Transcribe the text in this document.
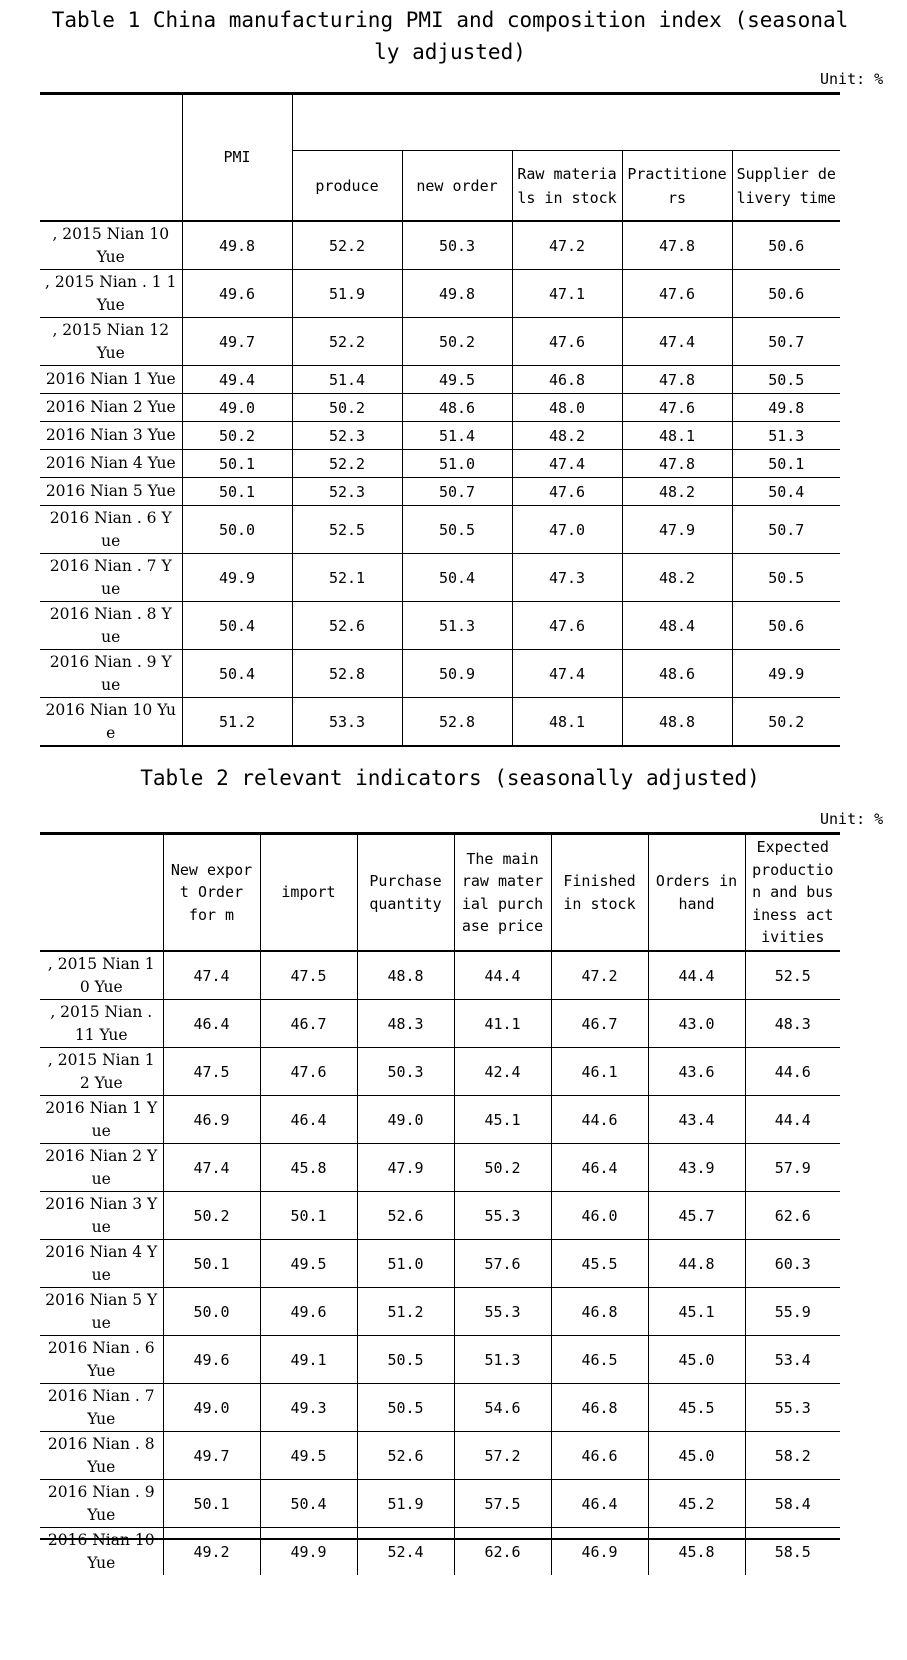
Table 1 China manufacturing PMI and composition index (seasonal
ly adjusted)
Unit: %
	PMI					
		produce	new order	Raw materia ls in stock	Practitione rs	Supplier de livery time
, 2015 Nian 10 Yue	49.8	52.2	50.3	47.2	47.8	50.6
, 2015 Nian . 1 1 Yue	49.6	51.9	49.8	47.1	47.6	50.6
, 2015 Nian 12 Yue	49.7	52.2	50.2	47.6	47.4	50.7
2016 Nian 1 Yue	49.4	51.4	49.5	46.8	47.8	50.5
2016 Nian 2 Yue	49.0	50.2	48.6	48.0	47.6	49.8
2016 Nian 3 Yue	50.2	52.3	51.4	48.2	48.1	51.3
2016 Nian 4 Yue	50.1	52.2	51.0	47.4	47.8	50.1
2016 Nian 5 Yue	50.1	52.3	50.7	47.6	48.2	50.4
2016 Nian . 6 Y ue	50.0	52.5	50.5	47.0	47.9	50.7
2016 Nian . 7 Y ue	49.9	52.1	50.4	47.3	48.2	50.5
2016 Nian . 8 Y ue	50.4	52.6	51.3	47.6	48.4	50.6
2016 Nian . 9 Y ue	50.4	52.8	50.9	47.4	48.6	49.9
2016 Nian 10 Yu e	51.2	53.3	52.8	48.1	48.8	50.2
Table 2 relevant indicators (seasonally adjusted)
Unit: %
	New expor t Order for m	import	Purchase quantity	The main raw mater ial purch ase price	Finished in stock	Orders in hand	Expected productio n and bus iness act ivities
, 2015 Nian 1 0 Yue	47.4	47.5	48.8	44.4	47.2	44.4	52.5
, 2015 Nian . 11 Yue	46.4	46.7	48.3	41.1	46.7	43.0	48.3
, 2015 Nian 1 2 Yue	47.5	47.6	50.3	42.4	46.1	43.6	44.6
2016 Nian 1 Y ue	46.9	46.4	49.0	45.1	44.6	43.4	44.4
2016 Nian 2 Y ue	47.4	45.8	47.9	50.2	46.4	43.9	57.9
2016 Nian 3 Y ue	50.2	50.1	52.6	55.3	46.0	45.7	62.6
2016 Nian 4 Y ue	50.1	49.5	51.0	57.6	45.5	44.8	60.3
2016 Nian 5 Y ue	50.0	49.6	51.2	55.3	46.8	45.1	55.9
2016 Nian . 6 Yue	49.6	49.1	50.5	51.3	46.5	45.0	53.4
2016 Nian . 7 Yue	49.0	49.3	50.5	54.6	46.8	45.5	55.3
2016 Nian . 8 Yue	49.7	49.5	52.6	57.2	46.6	45.0	58.2
2016 Nian . 9 Yue	50.1	50.4	51.9	57.5	46.4	45.2	58.4
2016 Nian 10 Yue	49.2	49.9	52.4	62.6	46.9	45.8	58.5
